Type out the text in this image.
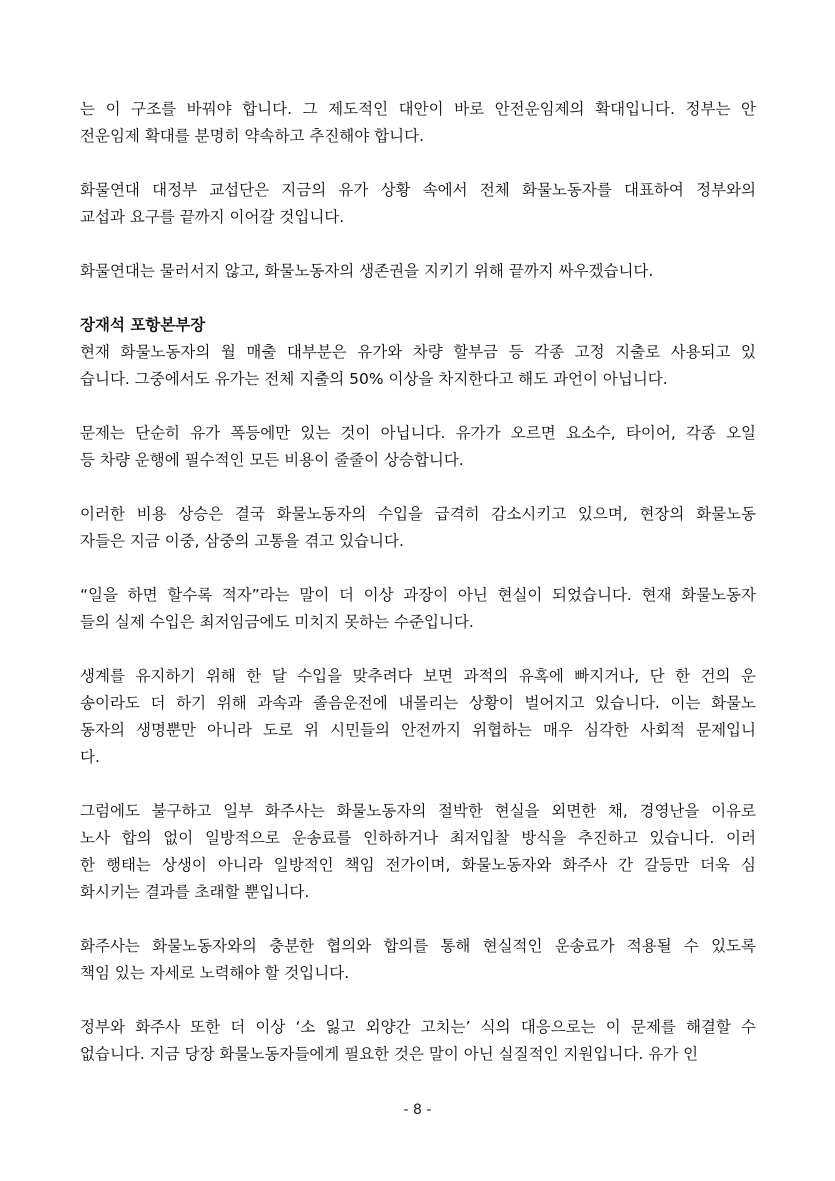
는 이 구조를 바꿔야 합니다. 그 제도적인 대안이 바로 안전운임제의 확대입니다. 정부는 안
전운임제 확대를 분명히 약속하고 추진해야 합니다.
화물연대 대정부 교섭단은 지금의 유가 상황 속에서 전체 화물노동자를 대표하여 정부와의
교섭과 요구를 끝까지 이어갈 것입니다.
화물연대는 물러서지 않고, 화물노동자의 생존권을 지키기 위해 끝까지 싸우겠습니다.
장재석 포항본부장
현재 화물노동자의 월 매출 대부분은 유가와 차량 할부금 등 각종 고정 지출로 사용되고 있
습니다. 그중에서도 유가는 전체 지출의 50% 이상을 차지한다고 해도 과언이 아닙니다.
문제는 단순히 유가 폭등에만 있는 것이 아닙니다. 유가가 오르면 요소수, 타이어, 각종 오일
등 차량 운행에 필수적인 모든 비용이 줄줄이 상승합니다.
이러한 비용 상승은 결국 화물노동자의 수입을 급격히 감소시키고 있으며, 현장의 화물노동
자들은 지금 이중, 삼중의 고통을 겪고 있습니다.
“일을 하면 할수록 적자”라는 말이 더 이상 과장이 아닌 현실이 되었습니다. 현재 화물노동자
들의 실제 수입은 최저임금에도 미치지 못하는 수준입니다.
생계를 유지하기 위해 한 달 수입을 맞추려다 보면 과적의 유혹에 빠지거나, 단 한 건의 운
송이라도 더 하기 위해 과속과 졸음운전에 내몰리는 상황이 벌어지고 있습니다. 이는 화물노
동자의 생명뿐만 아니라 도로 위 시민들의 안전까지 위협하는 매우 심각한 사회적 문제입니
다.
그럼에도 불구하고 일부 화주사는 화물노동자의 절박한 현실을 외면한 채, 경영난을 이유로
노사 합의 없이 일방적으로 운송료를 인하하거나 최저입찰 방식을 추진하고 있습니다. 이러
한 행태는 상생이 아니라 일방적인 책임 전가이며, 화물노동자와 화주사 간 갈등만 더욱 심
화시키는 결과를 초래할 뿐입니다.
화주사는 화물노동자와의 충분한 협의와 합의를 통해 현실적인 운송료가 적용될 수 있도록
책임 있는 자세로 노력해야 할 것입니다.
정부와 화주사 또한 더 이상 ‘소 잃고 외양간 고치는’ 식의 대응으로는 이 문제를 해결할 수
없습니다. 지금 당장 화물노동자들에게 필요한 것은 말이 아닌 실질적인 지원입니다. 유가 인
- 8 -
